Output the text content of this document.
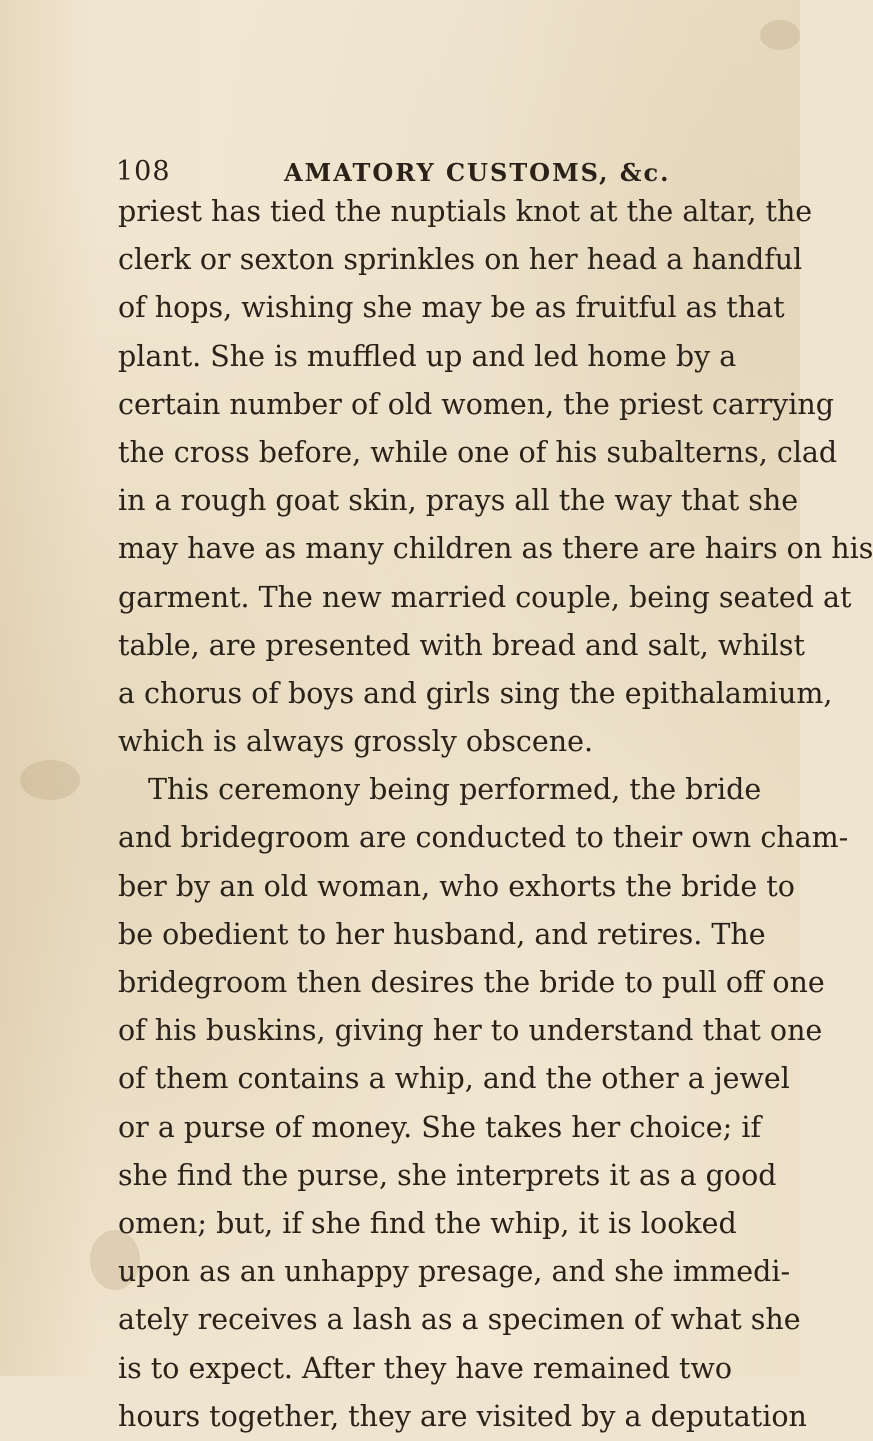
108	AMATORY CUSTOMS, &c.
priest has tied the nuptials knot at the altar, the
clerk or sexton sprinkles on her head a handful
of hops, wishing she may be as fruitful as that
plant. She is muffled up and led home by a
certain number of old women, the priest carrying
the cross before, while one of his subalterns, clad
in a rough goat skin, prays all the way that she
may have as many children as there are hairs on his
garment. The new married couple, being seated at
table, are presented with bread and salt, whilst
a chorus of boys and girls sing the epithalamium,
which is always grossly obscene.
This ceremony being performed, the bride
and bridegroom are conducted to their own cham-
ber by an old woman, who exhorts the bride to
be obedient to her husband, and retires. The
bridegroom then desires the bride to pull off one
of his buskins, giving her to understand that one
of them contains a whip, and the other a jewel
or a purse of money. She takes her choice; if
she find the purse, she interprets it as a good
omen; but, if she find the whip, it is looked
upon as an unhappy presage, and she immedi-
ately receives a lash as a specimen of what she
is to expect. After they have remained two
hours together, they are visited by a deputation
